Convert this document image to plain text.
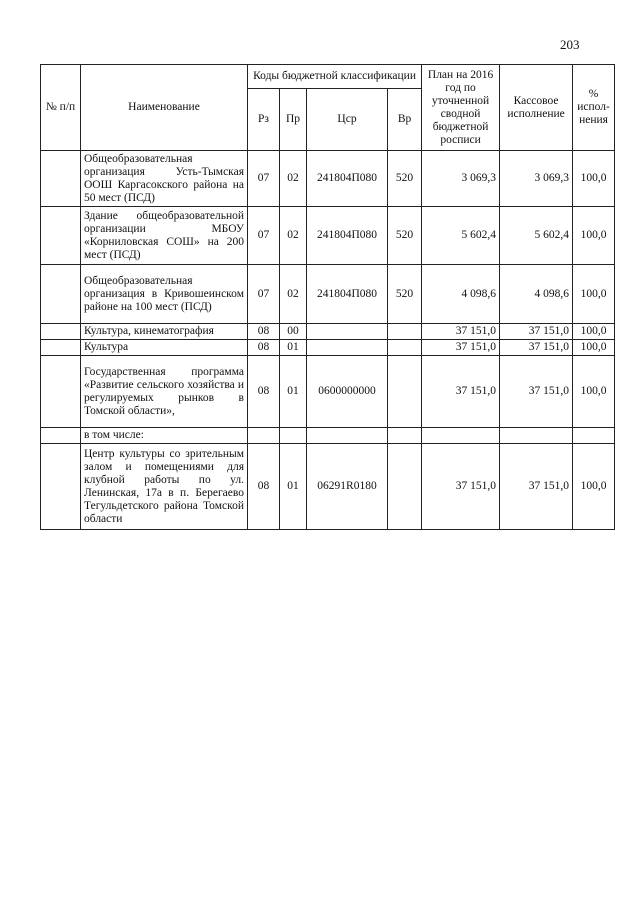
203
№ п/п	Наименование	Коды бюджетной классификации				План на 2016 год по уточненной сводной бюджетной росписи	Кассовое исполнение	% испол-нения
		Рз	Пр	Цср	Вр			
	Общеобразовательная организация Усть-Тымская ООШ Каргасокского района на 50 мест (ПСД)	07	02	241804П080	520	3 069,3	3 069,3	100,0
	Здание общеобразовательной организации МБОУ «Корниловская СОШ» на 200 мест (ПСД)	07	02	241804П080	520	5 602,4	5 602,4	100,0
	Общеобразовательная организация в Кривошеинском районе на 100 мест (ПСД)	07	02	241804П080	520	4 098,6	4 098,6	100,0
	Культура, кинематография	08	00			37 151,0	37 151,0	100,0
	Культура	08	01			37 151,0	37 151,0	100,0
	Государственная программа «Развитие сельского хозяйства и регулируемых рынков в Томской области»,	08	01	0600000000		37 151,0	37 151,0	100,0
	в том числе:							
	Центр культуры со зрительным залом и помещениями для клубной работы по ул. Ленинская, 17а в п. Берегаево Тегульдетского района Томской области	08	01	06291R0180		37 151,0	37 151,0	100,0
